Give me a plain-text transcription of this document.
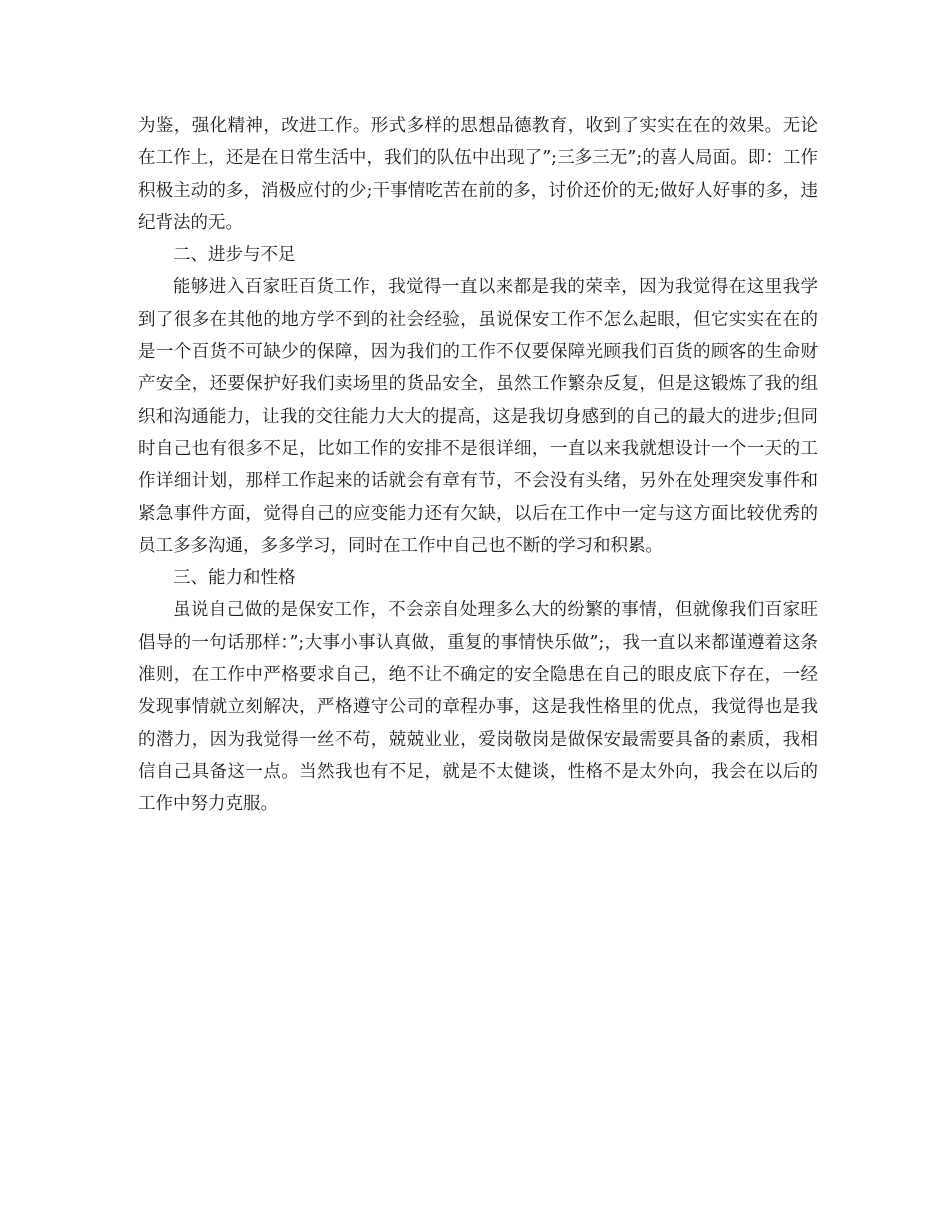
为鉴，强化精神，改进工作。形式多样的思想品德教育，收到了实实在在的效果。无论在工作上，还是在日常生活中，我们的队伍中出现了”;三多三无”;的喜人局面。即：工作积极主动的多，消极应付的少;干事情吃苦在前的多，讨价还价的无;做好人好事的多，违纪背法的无。

二、进步与不足

能够进入百家旺百货工作，我觉得一直以来都是我的荣幸，因为我觉得在这里我学到了很多在其他的地方学不到的社会经验，虽说保安工作不怎么起眼，但它实实在在的是一个百货不可缺少的保障，因为我们的工作不仅要保障光顾我们百货的顾客的生命财产安全，还要保护好我们卖场里的货品安全，虽然工作繁杂反复，但是这锻炼了我的组织和沟通能力，让我的交往能力大大的提高，这是我切身感到的自己的最大的进步;但同时自己也有很多不足，比如工作的安排不是很详细，一直以来我就想设计一个一天的工作详细计划，那样工作起来的话就会有章有节，不会没有头绪，另外在处理突发事件和紧急事件方面，觉得自己的应变能力还有欠缺，以后在工作中一定与这方面比较优秀的员工多多沟通，多多学习，同时在工作中自己也不断的学习和积累。

三、能力和性格

虽说自己做的是保安工作，不会亲自处理多么大的纷繁的事情，但就像我们百家旺倡导的一句话那样：”;大事小事认真做，重复的事情快乐做”;，我一直以来都谨遵着这条准则，在工作中严格要求自己，绝不让不确定的安全隐患在自己的眼皮底下存在，一经发现事情就立刻解决，严格遵守公司的章程办事，这是我性格里的优点，我觉得也是我的潜力，因为我觉得一丝不苟，兢兢业业，爱岗敬岗是做保安最需要具备的素质，我相信自己具备这一点。当然我也有不足，就是不太健谈，性格不是太外向，我会在以后的工作中努力克服。
